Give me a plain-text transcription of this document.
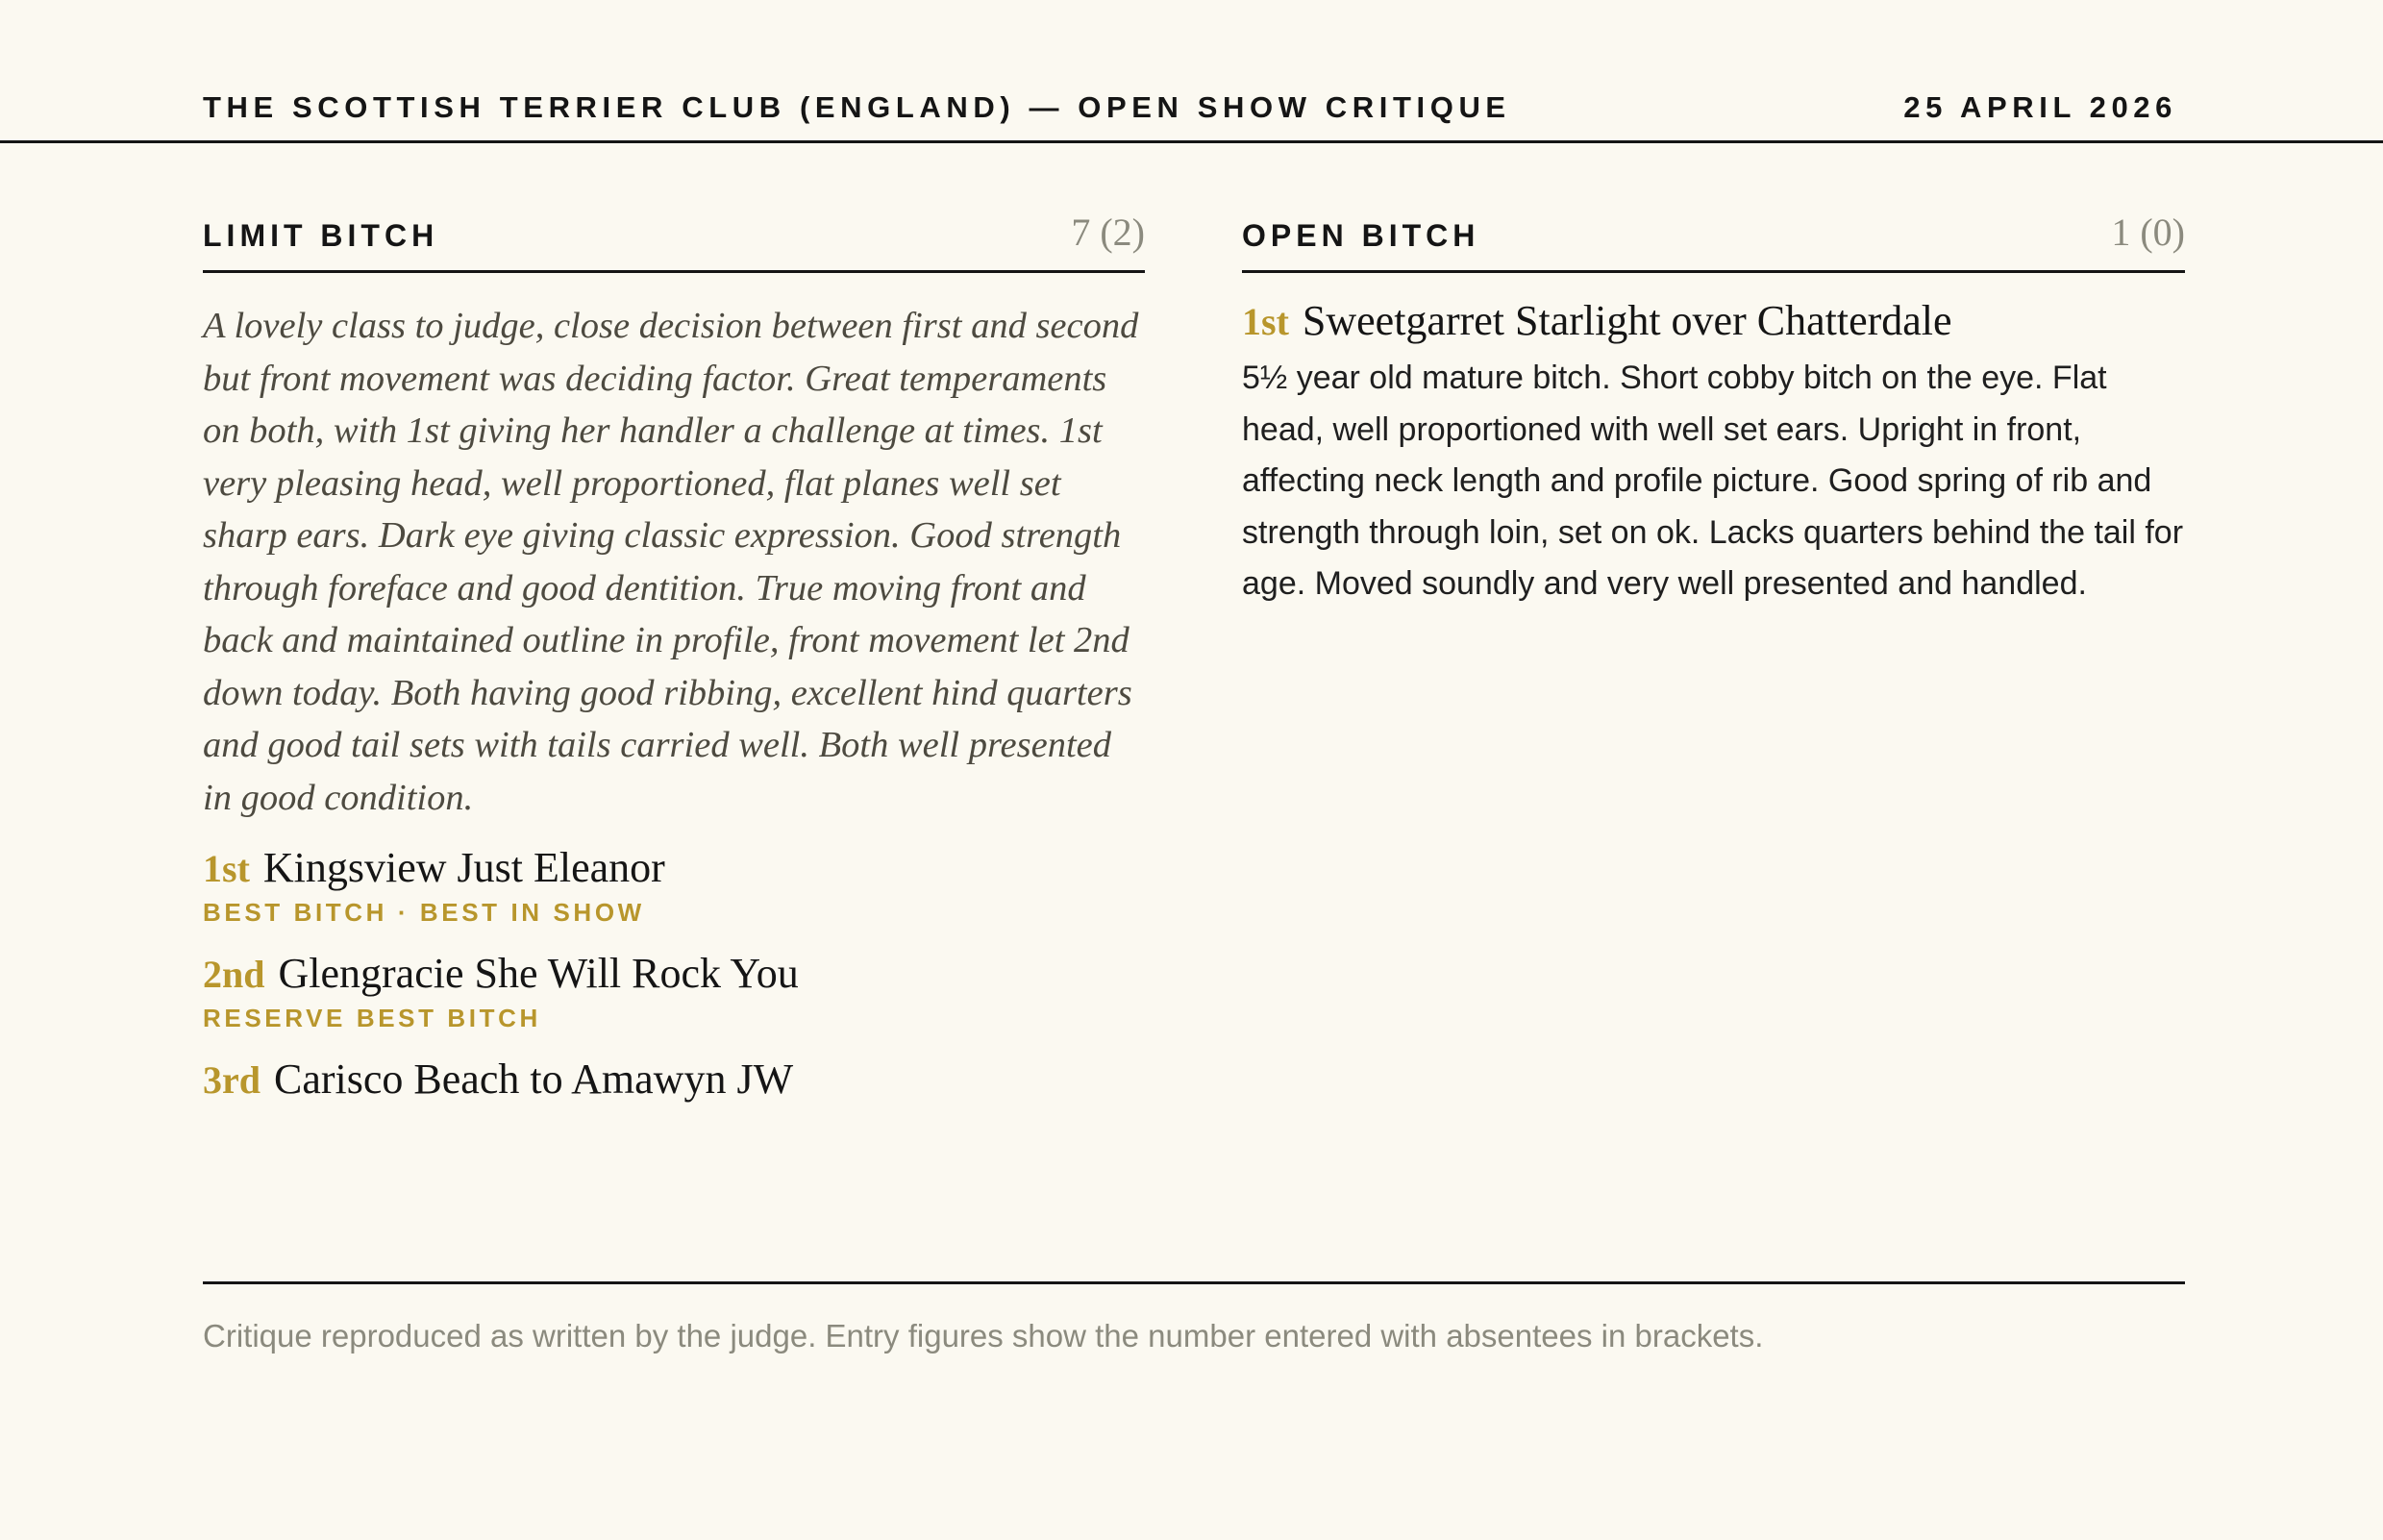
THE SCOTTISH TERRIER CLUB (ENGLAND) — OPEN SHOW CRITIQUE	25 APRIL 2026
LIMIT BITCH	7 (2)

A lovely class to judge, close decision between first and second but front movement was deciding factor. Great temperaments on both, with 1st giving her handler a challenge at times. 1st very pleasing head, well proportioned, flat planes well set sharp ears. Dark eye giving classic expression. Good strength through foreface and good dentition. True moving front and back and maintained outline in profile, front movement let 2nd down today. Both having good ribbing, excellent hind quarters and good tail sets with tails carried well. Both well presented in good condition.

1st Kingsview Just Eleanor
BEST BITCH · BEST IN SHOW
2nd Glengracie She Will Rock You
RESERVE BEST BITCH
3rd Carisco Beach to Amawyn JW
OPEN BITCH	1 (0)
1st Sweetgarret Starlight over Chatterdale

5½ year old mature bitch. Short cobby bitch on the eye. Flat head, well proportioned with well set ears. Upright in front, affecting neck length and profile picture. Good spring of rib and strength through loin, set on ok. Lacks quarters behind the tail for age. Moved soundly and very well presented and handled.

Critique reproduced as written by the judge. Entry figures show the number entered with absentees in brackets.
